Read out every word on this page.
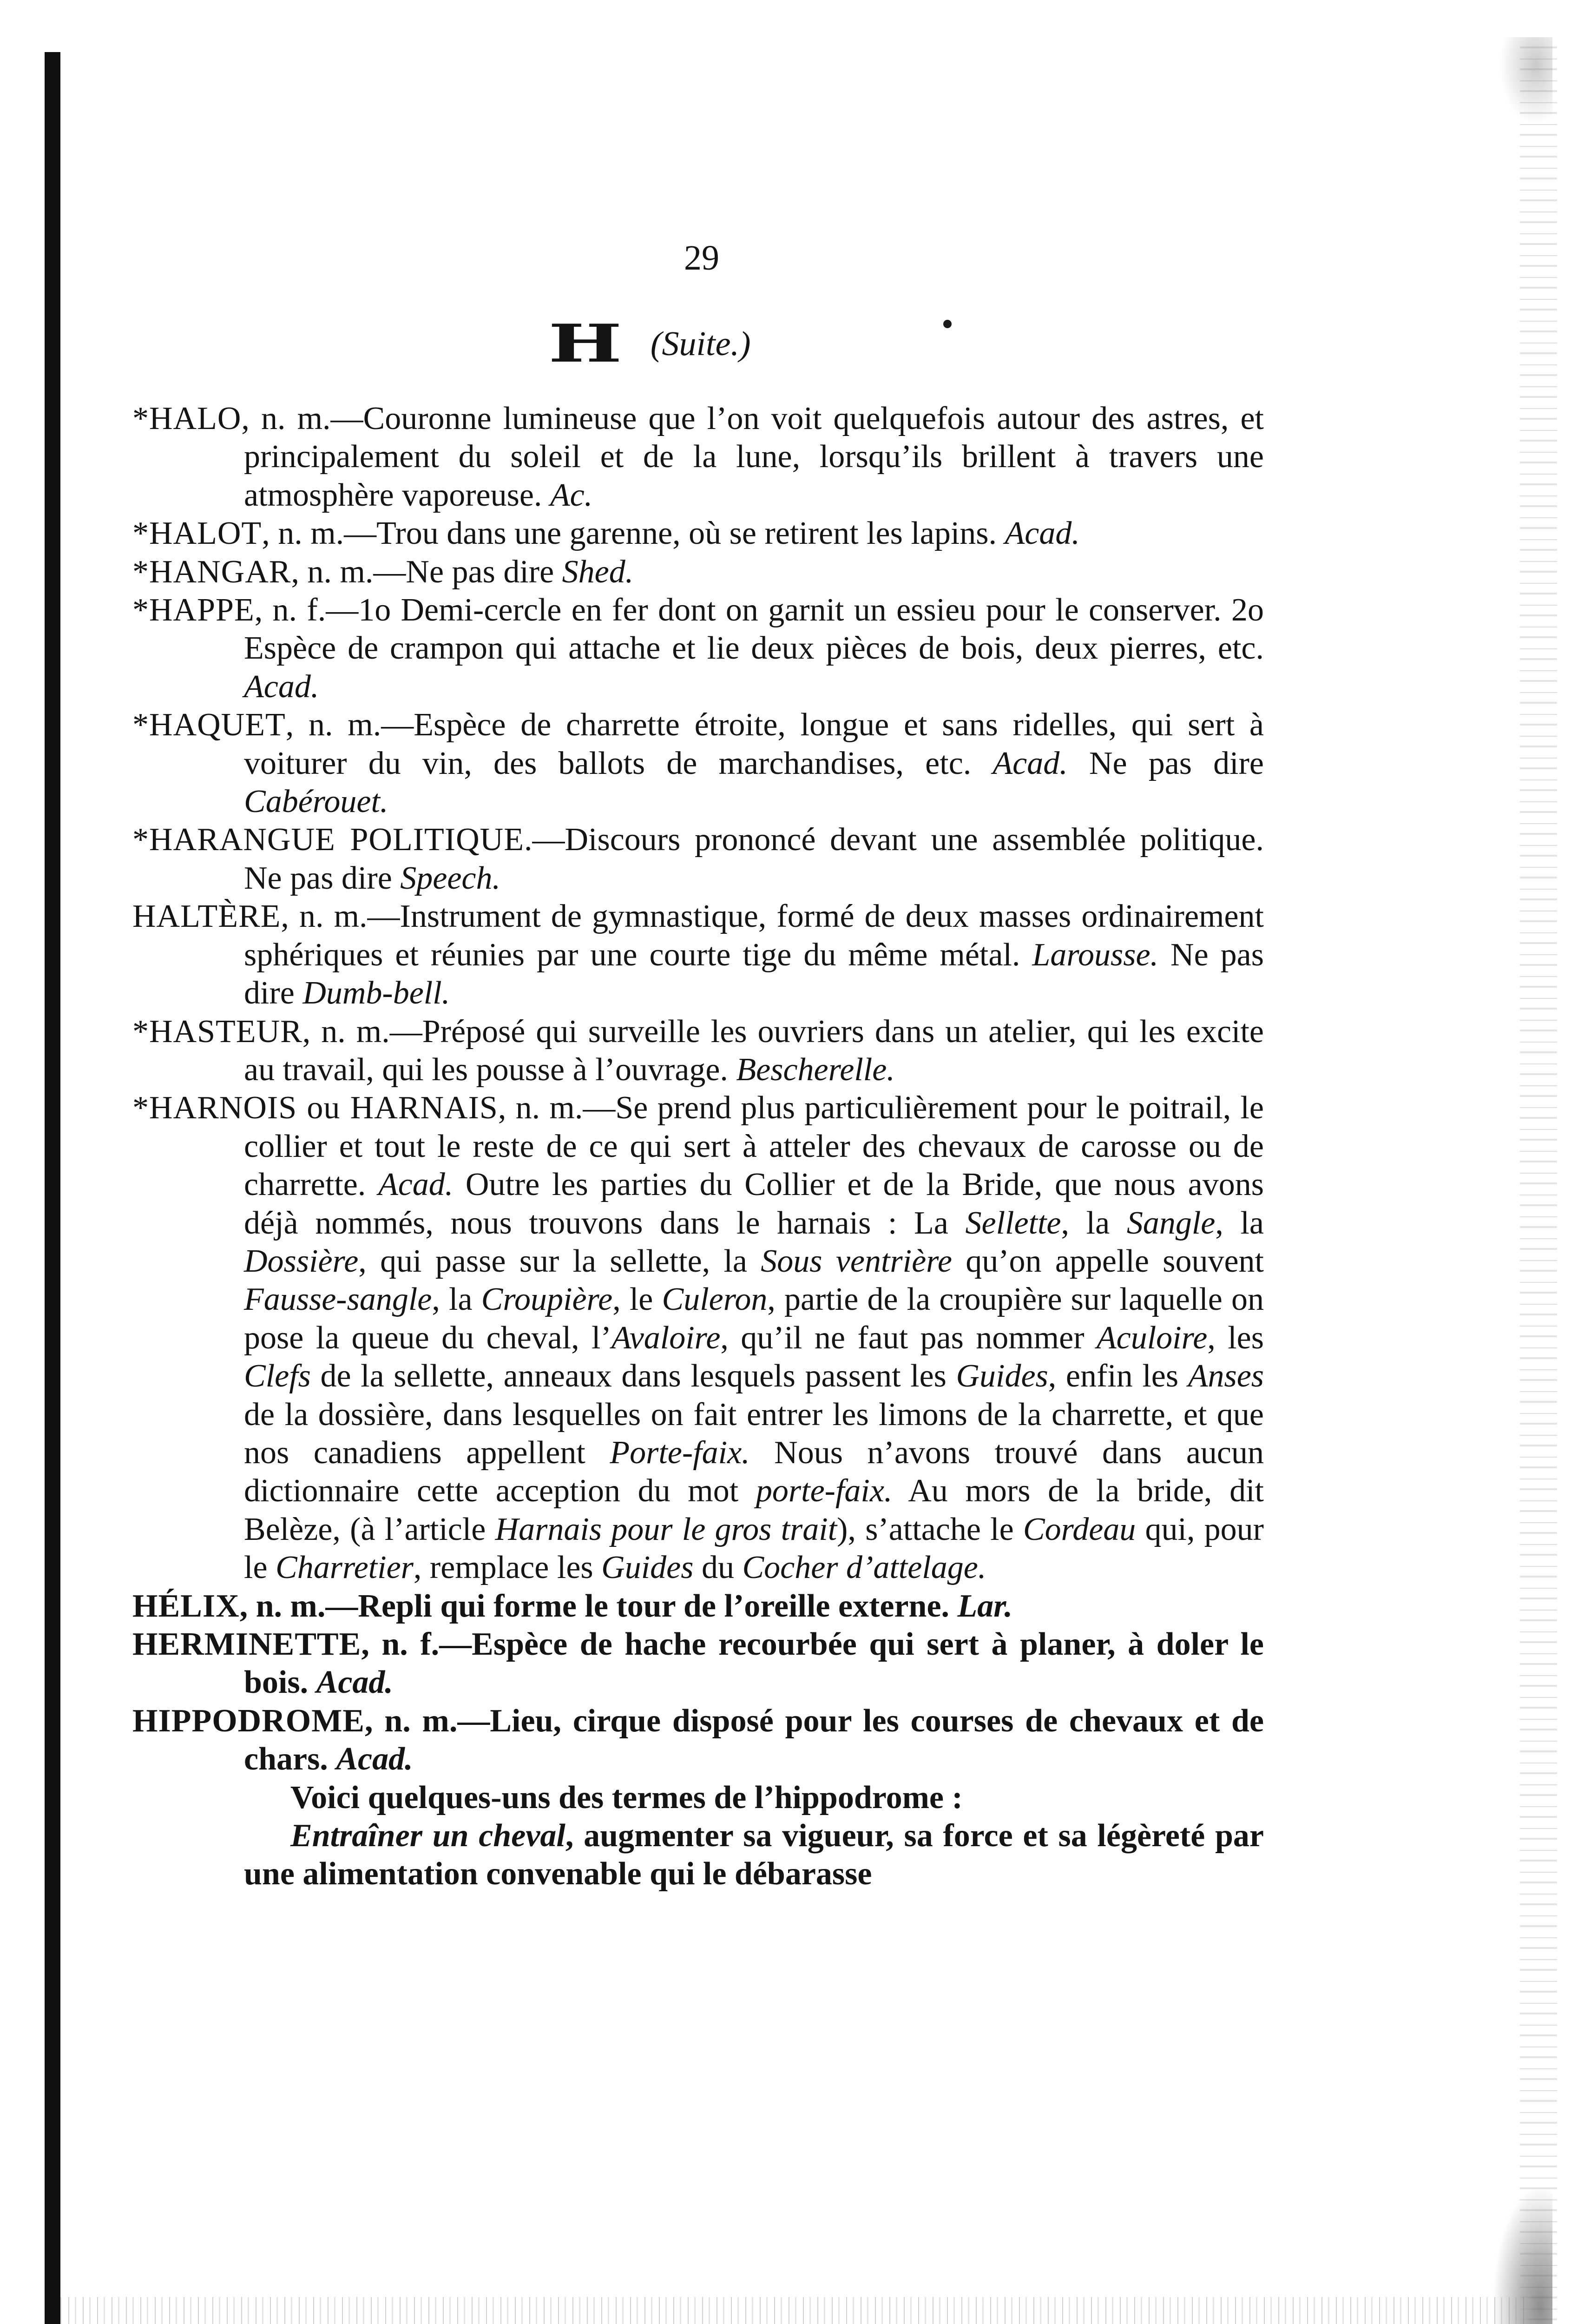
29
H (Suite.)

*HALO, n. m.—Couronne lumineuse que l’on voit quelquefois autour des astres, et principalement du soleil et de la lune, lorsqu’ils brillent à travers une atmosphère vaporeuse. Ac.

*HALOT, n. m.—Trou dans une garenne, où se retirent les lapins. Acad.

*HANGAR, n. m.—Ne pas dire Shed.

*HAPPE, n. f.—1o Demi-cercle en fer dont on garnit un essieu pour le conserver. 2o Espèce de crampon qui attache et lie deux pièces de bois, deux pierres, etc. Acad.

*HAQUET, n. m.—Espèce de charrette étroite, longue et sans ridelles, qui sert à voiturer du vin, des ballots de marchandises, etc. Acad. Ne pas dire Cabérouet.

*HARANGUE POLITIQUE.—Discours prononcé devant une assemblée politique. Ne pas dire Speech.

HALTÈRE, n. m.—Instrument de gymnastique, formé de deux masses ordinairement sphériques et réunies par une courte tige du même métal. Larousse. Ne pas dire Dumb-bell.

*HASTEUR, n. m.—Préposé qui surveille les ouvriers dans un atelier, qui les excite au travail, qui les pousse à l’ouvrage. Bescherelle.

*HARNOIS ou HARNAIS, n. m.—Se prend plus particulièrement pour le poitrail, le collier et tout le reste de ce qui sert à atteler des chevaux de carosse ou de charrette. Acad. Outre les parties du Collier et de la Bride, que nous avons déjà nommés, nous trouvons dans le harnais : La Sellette, la Sangle, la Dossière, qui passe sur la sellette, la Sous ventrière qu’on appelle souvent Fausse-sangle, la Croupière, le Culeron, partie de la croupière sur laquelle on pose la queue du cheval, l’Avaloire, qu’il ne faut pas nommer Aculoire, les Clefs de la sellette, anneaux dans lesquels passent les Guides, enfin les Anses de la dossière, dans lesquelles on fait entrer les limons de la charrette, et que nos canadiens appellent Porte-faix. Nous n’avons trouvé dans aucun dictionnaire cette acception du mot porte-faix. Au mors de la bride, dit Belèze, (à l’article Harnais pour le gros trait), s’attache le Cordeau qui, pour le Charretier, remplace les Guides du Cocher d’attelage.

HÉLIX, n. m.—Repli qui forme le tour de l’oreille externe. Lar.

HERMINETTE, n. f.—Espèce de hache recourbée qui sert à planer, à doler le bois. Acad.

HIPPODROME, n. m.—Lieu, cirque disposé pour les courses de chevaux et de chars. Acad.

Voici quelques-uns des termes de l’hippodrome :

Entraîner un cheval, augmenter sa vigueur, sa force et sa légèreté par une alimentation convenable qui le débarasse
